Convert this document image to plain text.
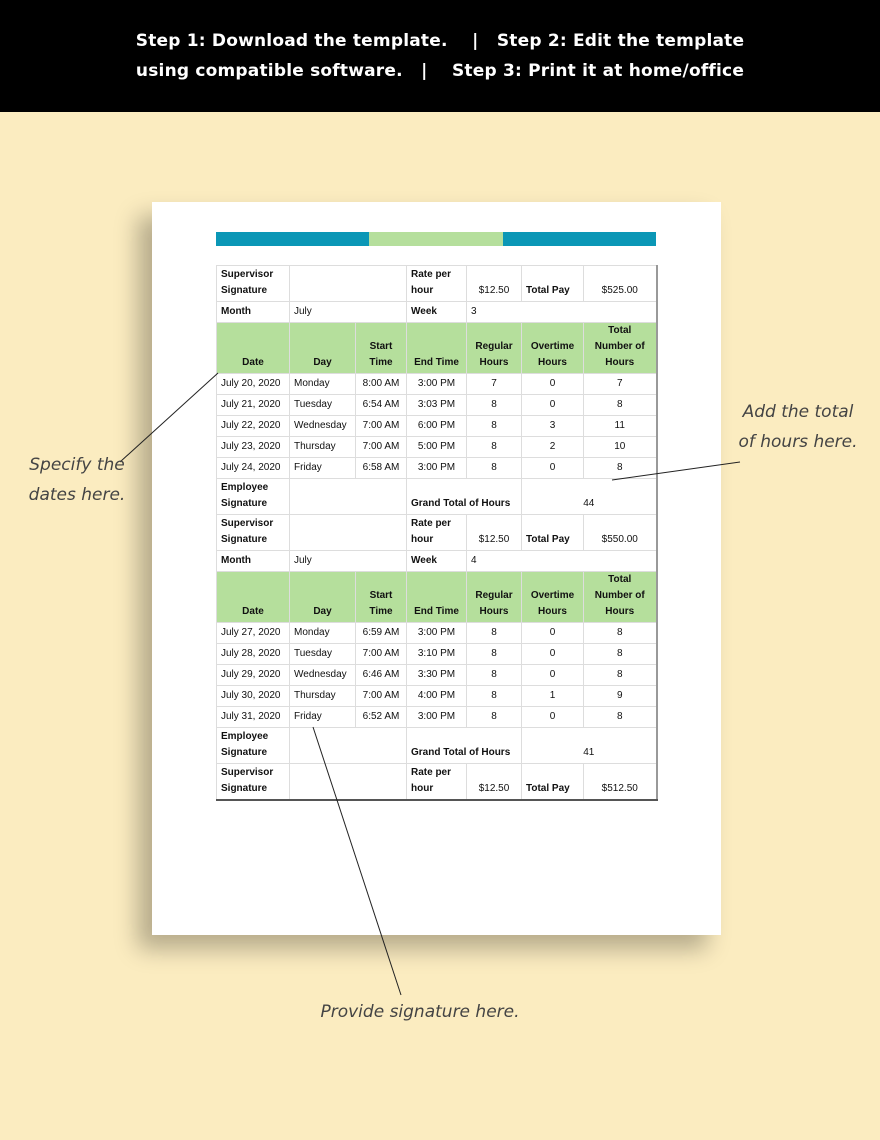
Step 1: Download the template.    |   Step 2: Edit the template
using compatible software.   |    Step 3: Print it at home/office
Supervisor Signature			Rate per hour	$12.50	Total Pay	$525.00
Month	July		Week	3		
Date	Day	Start Time	End Time	Regular Hours	Overtime Hours	Total Number of Hours
July 20, 2020	Monday	8:00 AM	3:00 PM	7	0	7
July 21, 2020	Tuesday	6:54 AM	3:03 PM	8	0	8
July 22, 2020	Wednesday	7:00 AM	6:00 PM	8	3	11
July 23, 2020	Thursday	7:00 AM	5:00 PM	8	2	10
July 24, 2020	Friday	6:58 AM	3:00 PM	8	0	8
Employee Signature			Grand Total of Hours		44	
Supervisor Signature			Rate per hour	$12.50	Total Pay	$550.00
Month	July		Week	4		
Date	Day	Start Time	End Time	Regular Hours	Overtime Hours	Total Number of Hours
July 27, 2020	Monday	6:59 AM	3:00 PM	8	0	8
July 28, 2020	Tuesday	7:00 AM	3:10 PM	8	0	8
July 29, 2020	Wednesday	6:46 AM	3:30 PM	8	0	8
July 30, 2020	Thursday	7:00 AM	4:00 PM	8	1	9
July 31, 2020	Friday	6:52 AM	3:00 PM	8	0	8
Employee Signature			Grand Total of Hours		41	
Supervisor Signature			Rate per hour	$12.50	Total Pay	$512.50
Specify the dates here.
Add the total of hours here.
Provide signature here.
